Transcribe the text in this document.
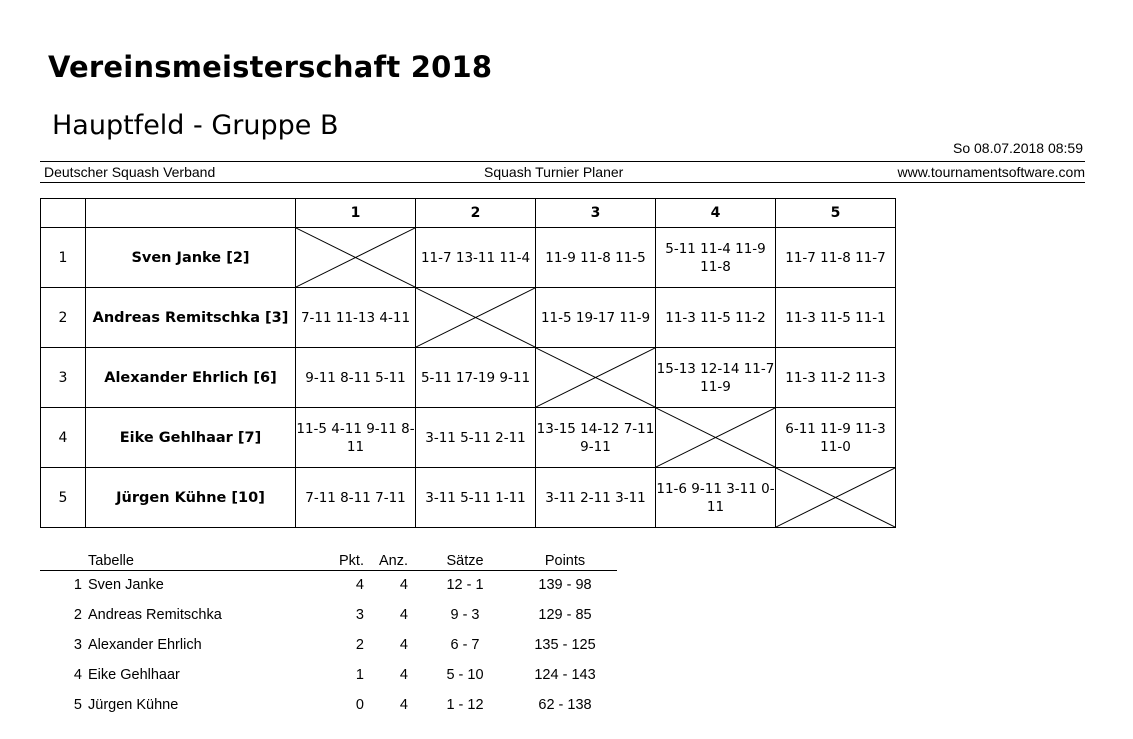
Vereinsmeisterschaft 2018
Hauptfeld - Gruppe B
So 08.07.2018 08:59
Deutscher Squash Verband	Squash Turnier Planer	www.tournamentsoftware.com
		1	2	3	4	5
1	Sven Janke [2]		11-7 13-11 11-4	11-9 11-8 11-5	5-11 11-4 11-9 11-8	11-7 11-8 11-7
2	Andreas Remitschka [3]	7-11 11-13 4-11		11-5 19-17 11-9	11-3 11-5 11-2	11-3 11-5 11-1
3	Alexander Ehrlich [6]	9-11 8-11 5-11	5-11 17-19 9-11		15-13 12-14 11-7 11-9	11-3 11-2 11-3
4	Eike Gehlhaar [7]	11-5 4-11 9-11 8-11	3-11 5-11 2-11	13-15 14-12 7-11 9-11		6-11 11-9 11-3 11-0
5	Jürgen Kühne [10]	7-11 8-11 7-11	3-11 5-11 1-11	3-11 2-11 3-11	11-6 9-11 3-11 0-11	
Tabelle	Pkt.	Anz.	Sätze	Points
1 Sven Janke	4	4	12 - 1	139 - 98
2 Andreas Remitschka	3	4	9 - 3	129 - 85
3 Alexander Ehrlich	2	4	6 - 7	135 - 125
4 Eike Gehlhaar	1	4	5 - 10	124 - 143
5 Jürgen Kühne	0	4	1 - 12	62 - 138
